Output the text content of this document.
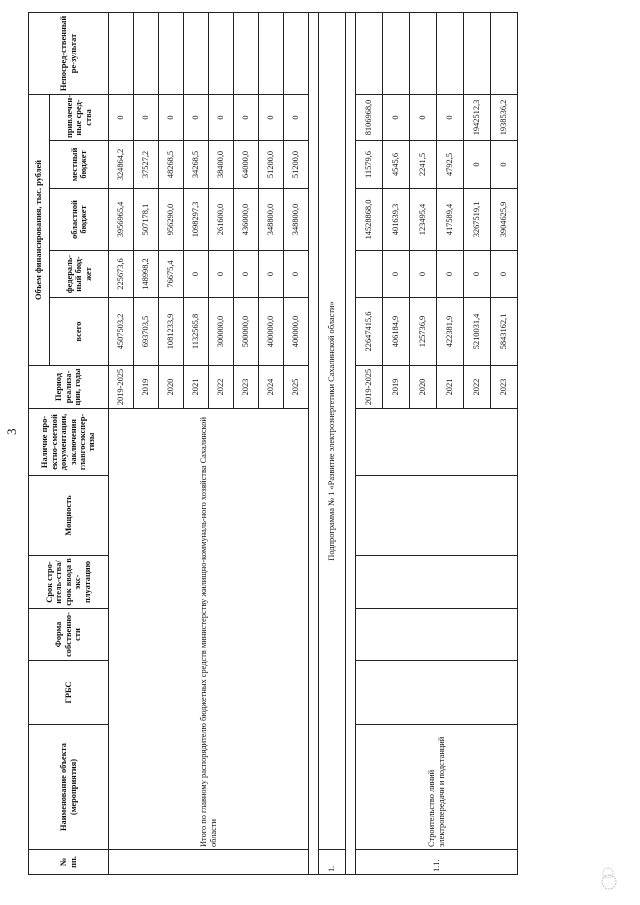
3
№ пп.	Наименование объекта (мероприятия)	ГРБС	Форма собственно-сти	Срок стро-итель-ства/срок ввода в экс-плуатацию	Мощность	Наличие про-ектно-сметной документации, заключения главгосэкспер-тизы	Период реализа-ции, годы	Объем финансирования, тыс. рублей					Непосред-ственный ре-зультат
								всего	федераль-ный бюд-жет	областной бюджет	местный бюджет	привлечен-ные сред-ства	
	Итого по главному распорядителю бюджетных средств министерству жилищно-коммуналь-ного хозяйства Сахалинской области						2019-2025	4507503,2	225673,6	3956965,4	324864,2	0	
							2019	693703,5	148998,2	507178,1	37527,2	0	
							2020	1081233,9	76675,4	956290,0	48268,5	0	
							2021	1132565,8	0	1098297,3	34268,5	0	
							2022	300000,0	0	261600,0	38400,0	0	
							2023	500000,0	0	436000,0	64000,0	0	
							2024	400000,0	0	348800,0	51200,0	0	
							2025	400000,0	0	348800,0	51200,0	0	

1.	Подпрограмма № 1 «Развитие электроэнергетики Сахалинской области»												

1.1.	Строительство линий электропередачи и подстанций						2019-2025	22647415,6		14528868,0	11579,6	8106968,0	
							2019	406184,9	0	401639,3	4545,6	0	
							2020	125736,9	0	123495,4	2241,5	0	
							2021	422381,9	0	417589,4	4792,5	0	
							2022	5210031,4	0	3267519,1	0	1942512,3	
							2023	5843162,1	0	3904625,9	0	1938536,2	
